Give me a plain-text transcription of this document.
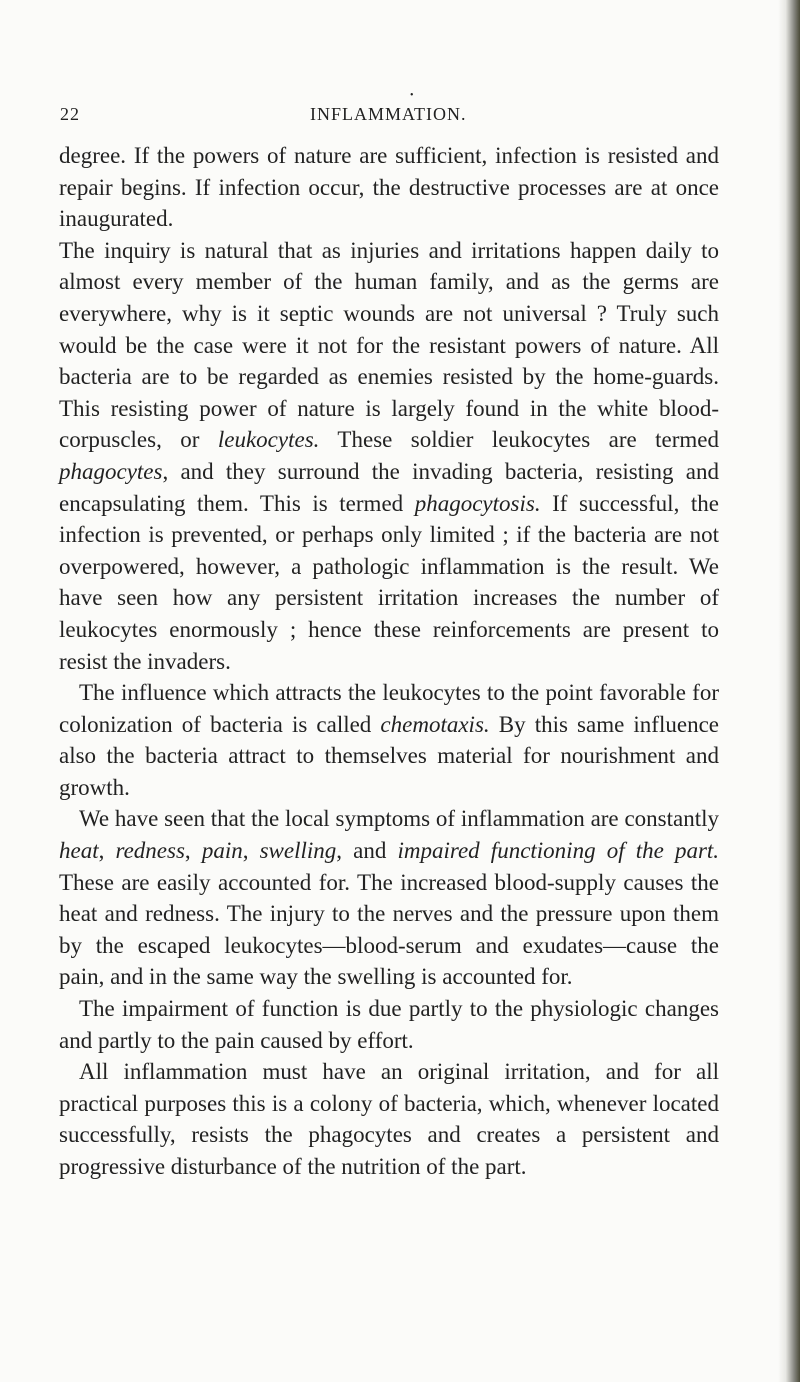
22
•
INFLAMMATION.

degree. If the powers of nature are sufficient, infection is resisted and repair begins. If infection occur, the destructive processes are at once inaugurated.

The inquiry is natural that as injuries and irritations happen daily to almost every member of the human family, and as the germs are everywhere, why is it septic wounds are not universal ? Truly such would be the case were it not for the resistant powers of nature. All bacteria are to be regarded as enemies resisted by the home-guards. This resisting power of nature is largely found in the white blood-corpuscles, or leukocytes. These soldier leukocytes are termed phagocytes, and they surround the invading bacteria, resisting and encapsulating them. This is termed phagocytosis. If successful, the infection is prevented, or perhaps only limited ; if the bacteria are not overpowered, however, a pathologic inflammation is the result. We have seen how any persistent irritation increases the number of leukocytes enormously ; hence these reinforcements are present to resist the invaders.

The influence which attracts the leukocytes to the point favorable for colonization of bacteria is called chemotaxis. By this same influence also the bacteria attract to themselves material for nourishment and growth.

We have seen that the local symptoms of inflammation are constantly heat, redness, pain, swelling, and impaired functioning of the part. These are easily accounted for. The increased blood-supply causes the heat and redness. The injury to the nerves and the pressure upon them by the escaped leukocytes—blood-serum and exudates—cause the pain, and in the same way the swelling is accounted for.

The impairment of function is due partly to the physiologic changes and partly to the pain caused by effort.

All inflammation must have an original irritation, and for all practical purposes this is a colony of bacteria, which, whenever located successfully, resists the phagocytes and creates a persistent and progressive disturbance of the nutrition of the part.
